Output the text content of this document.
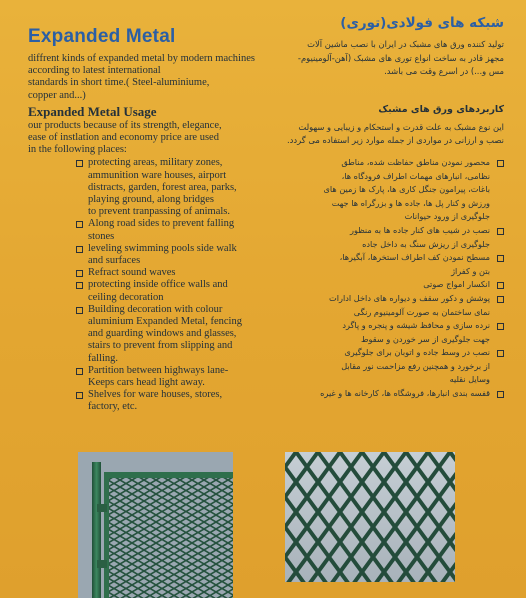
Expanded Metal

diffrent kinds of expanded metal by modern machines
according to latest international
standards in short time.( Steel-aluminiume,
copper and...)

Expanded Metal Usage

our products because of its strength, elegance,
ease of instlation and economy price are used
in the following places:

protecting areas, military zones,
ammunition ware houses, airport
distracts, garden, forest area, parks,
playing ground, along bridges
to prevent tranpassing of animals.
Along road sides to prevent falling
stones
leveling swimming pools side walk
and surfaces
Refract sound waves
protecting inside office walls and
ceiling decoration
Building decoration with colour
aluminium Expanded Metal, fencing
and guarding windows and glasses,
stairs to prevent from slipping and
falling.
Partition between highways lane-
Keeps cars head light away.
Shelves for ware houses, stores,
factory, etc.
شبکه های فولادی(توری)

تولید کننده ورق های مشبک در ایران با نصب ماشین آلات
مجهز قادر به ساخت انواع توری های مشبک (آهن-آلومینیوم-
مس و...) در اسرع وقت می باشد.

کاربردهای ورق های مشبک

این نوع مشبک به علت قدرت و استحکام و زیبایی و سهولت
نصب و ارزانی در مواردی از جمله موارد زیر استفاده می گردد.

محصور نمودن مناطق حفاظت شده، مناطق
نظامی، انبارهای مهمات اطراف فرودگاه ها،
باغات، پیرامون جنگل کاری ها، پارک ها زمین های
ورزش و کنار پل ها، جاده ها و بزرگراه ها جهت
جلوگیری از ورود حیوانات
نصب در شیب های کنار جاده ها به منظور
جلوگیری از ریزش سنگ به داخل جاده
مسطح نمودن کف اطراف استخرها، آبگیرها،
بتن و کفراژ
انکسار امواج صوتی
پوشش و دکور سقف و دیواره های داخل ادارات
نمای ساختمان به صورت آلومینیوم رنگی
نرده سازی و محافظ شیشه و پنجره و پاگرد
جهت جلوگیری از سر خوردن و سقوط
نصب در وسط جاده و اتوبان برای جلوگیری
از برخورد و همچنین رفع مزاحمت نور مقابل
وسایل نقلیه
قفسه بندی انبارها، فروشگاه ها، کارخانه ها و غیره
